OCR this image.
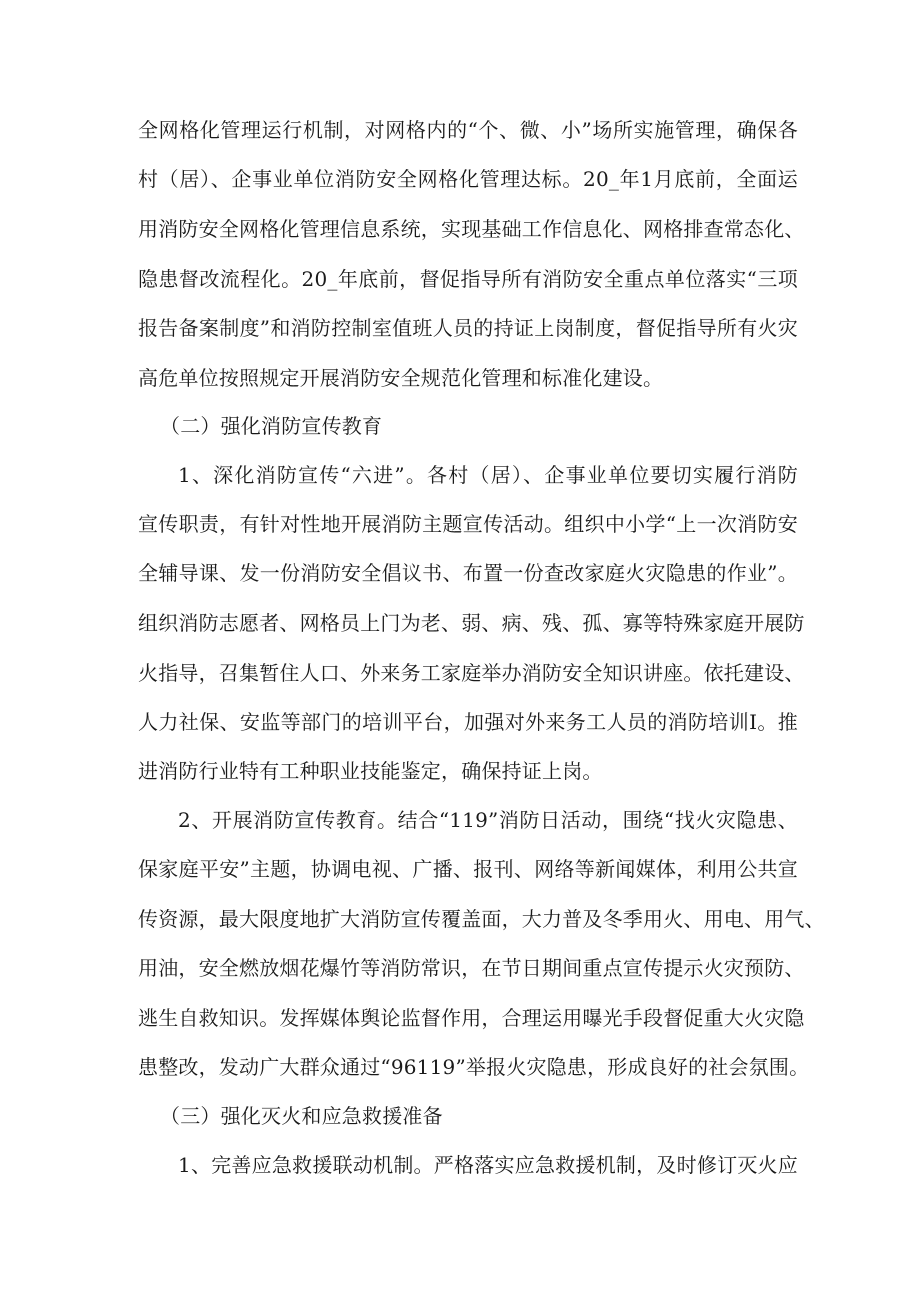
全网格化管理运行机制，对网格内的“个、微、小”场所实施管理，确保各
村（居）、企事业单位消防安全网格化管理达标。20_年1月底前，全面运
用消防安全网格化管理信息系统，实现基础工作信息化、网格排查常态化、
隐患督改流程化。20_年底前，督促指导所有消防安全重点单位落实“三项
报告备案制度”和消防控制室值班人员的持证上岗制度，督促指导所有火灾
高危单位按照规定开展消防安全规范化管理和标准化建设。
（二）强化消防宣传教育
1、深化消防宣传“六进”。各村（居）、企事业单位要切实履行消防
宣传职责，有针对性地开展消防主题宣传活动。组织中小学“上一次消防安
全辅导课、发一份消防安全倡议书、布置一份查改家庭火灾隐患的作业”。
组织消防志愿者、网格员上门为老、弱、病、残、孤、寡等特殊家庭开展防
火指导，召集暂住人口、外来务工家庭举办消防安全知识讲座。依托建设、
人力社保、安监等部门的培训平台，加强对外来务工人员的消防培训I。推
进消防行业特有工种职业技能鉴定，确保持证上岗。
2、开展消防宣传教育。结合“119”消防日活动，围绕“找火灾隐患、
保家庭平安”主题，协调电视、广播、报刊、网络等新闻媒体，利用公共宣
传资源，最大限度地扩大消防宣传覆盖面，大力普及冬季用火、用电、用气、
用油，安全燃放烟花爆竹等消防常识，在节日期间重点宣传提示火灾预防、
逃生自救知识。发挥媒体舆论监督作用，合理运用曝光手段督促重大火灾隐
患整改，发动广大群众通过“96119”举报火灾隐患，形成良好的社会氛围。
（三）强化灭火和应急救援准备
1、完善应急救援联动机制。严格落实应急救援机制，及时修订灭火应
